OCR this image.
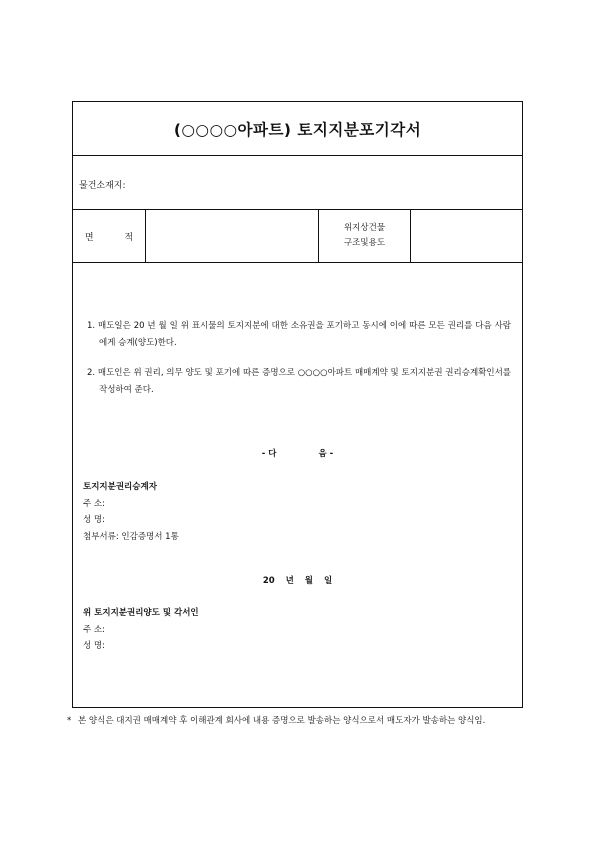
(○○○○아파트) 토지지분포기각서
물건소재지:
면 적
위지상건물
구조및용도
1. 매도일은 20 년 월 일 위 표시물의 토지지분에 대한 소유권을 포기하고 동시에 이에 따른 모든 권리를 다음 사람에게 승계(양도)한다.
2. 매도인은 위 권리, 의무 양도 및 포기에 따른 증명으로 ○○○○아파트 매매계약 및 토지지분권 권리승계확인서를 작성하여 준다.
- 다	음 -
토지지분권리승계자
주 소:
성 명:
첨부서류: 인감증명서 1통
20 년 월 일
위 토지지분권리양도 및 각서인
주 소:
성 명:
* 본 양식은 대지권 매매계약 후 이해관계 회사에 내용 증명으로 발송하는 양식으로서 매도자가 발송하는 양식임.
